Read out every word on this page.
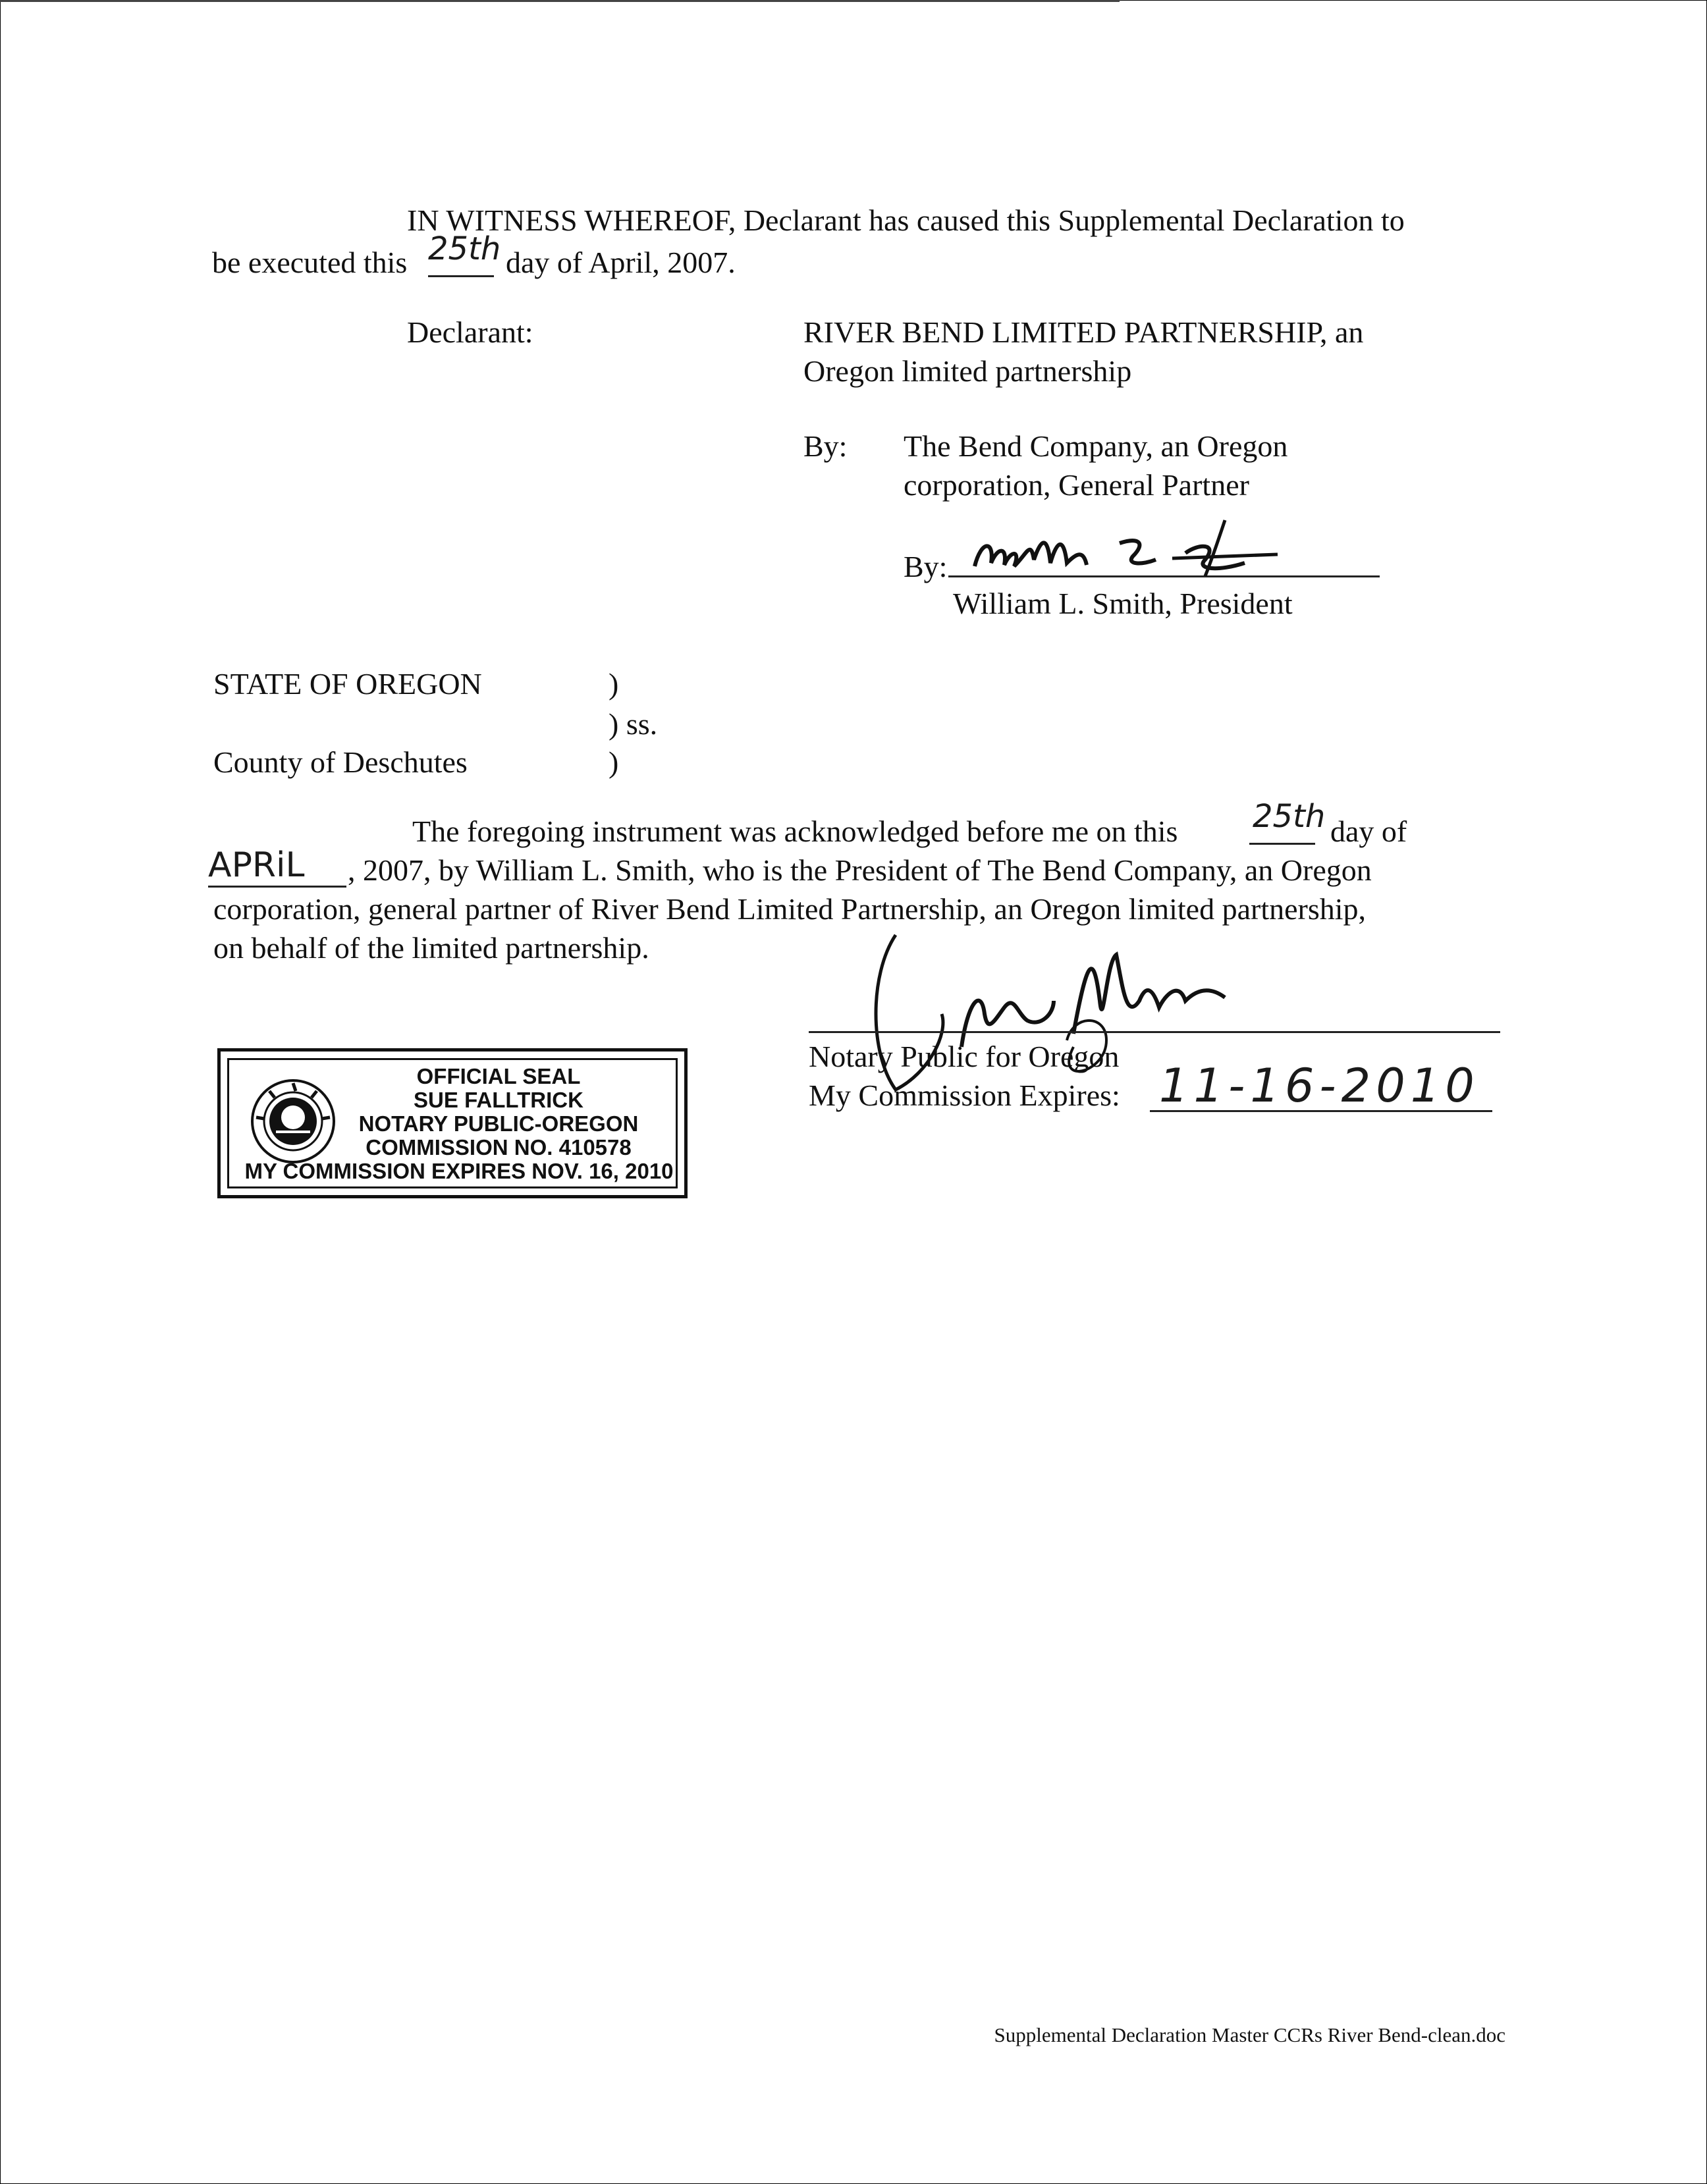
IN WITNESS WHEREOF, Declarant has caused this Supplemental Declaration to
be executed this 25th day of April, 2007.
Declarant:	RIVER BEND LIMITED PARTNERSHIP, an
Oregon limited partnership
By: The Bend Company, an Oregon
corporation, General Partner
By:
William L. Smith, President
STATE OF OREGON	)
) ss.
County of Deschutes	)
The foregoing instrument was acknowledged before me on this 25th day of
APRiL , 2007, by William L. Smith, who is the President of The Bend Company, an Oregon
corporation, general partner of River Bend Limited Partnership, an Oregon limited partnership,
on behalf of the limited partnership.
Notary Public for Oregon
My Commission Expires: 11-16-2010
OFFICIAL SEAL
SUE FALLTRICK
NOTARY PUBLIC-OREGON
COMMISSION NO. 410578
MY COMMISSION EXPIRES NOV. 16, 2010
Supplemental Declaration Master CCRs River Bend-clean.doc
